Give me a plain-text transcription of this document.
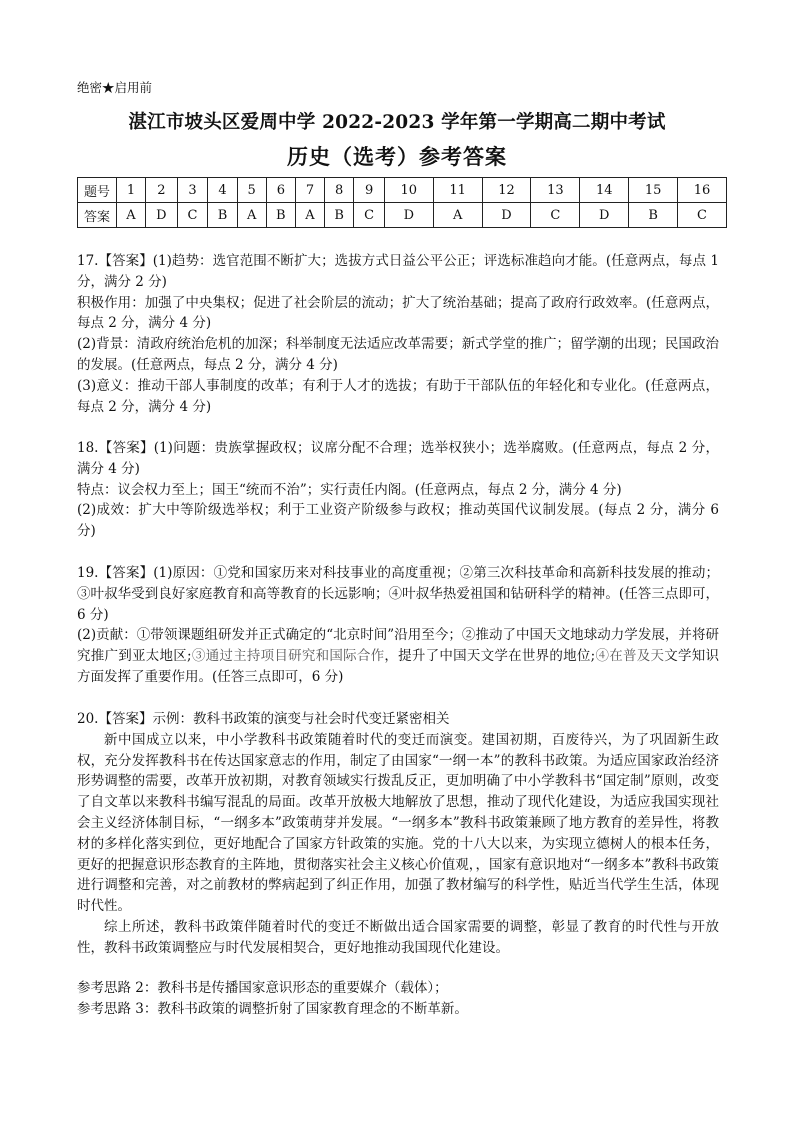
绝密★启用前
湛江市坡头区爱周中学 2022-2023 学年第一学期高二期中考试
历史（选考）参考答案
题号	1	2	3	4	5	6	7	8	9	10	11	12	13	14	15	16
答案	A	D	C	B	A	B	A	B	C	D	A	D	C	D	B	C

17.【答案】(1)趋势：选官范围不断扩大；选拔方式日益公平公正；评选标准趋向才能。(任意两点，每点 1 分，满分 2 分)

积极作用：加强了中央集权；促进了社会阶层的流动；扩大了统治基础；提高了政府行政效率。(任意两点，每点 2 分，满分 4 分)

(2)背景：清政府统治危机的加深；科举制度无法适应改革需要；新式学堂的推广；留学潮的出现；民国政治的发展。(任意两点，每点 2 分，满分 4 分)

(3)意义：推动干部人事制度的改革；有利于人才的选拔；有助于干部队伍的年轻化和专业化。(任意两点，每点 2 分，满分 4 分)

18.【答案】(1)问题：贵族掌握政权；议席分配不合理；选举权狭小；选举腐败。(任意两点，每点 2 分，满分 4 分)

特点：议会权力至上；国王“统而不治”；实行责任内阁。(任意两点，每点 2 分，满分 4 分)

(2)成效：扩大中等阶级选举权；利于工业资产阶级参与政权；推动英国代议制发展。(每点 2 分，满分 6 分)

19.【答案】(1)原因：①党和国家历来对科技事业的高度重视；②第三次科技革命和高新科技发展的推动；③叶叔华受到良好家庭教育和高等教育的长远影响；④叶叔华热爱祖国和钻研科学的精神。(任答三点即可，6 分)

(2)贡献：①带领课题组研发并正式确定的“北京时间”沿用至今；②推动了中国天文地球动力学发展，并将研究推广到亚太地区;③通过主持项目研究和国际合作，提升了中国天文学在世界的地位;④在普及天文学知识方面发挥了重要作用。(任答三点即可，6 分)

20.【答案】示例：教科书政策的演变与社会时代变迁紧密相关

新中国成立以来，中小学教科书政策随着时代的变迁而演变。建国初期，百废待兴，为了巩固新生政权，充分发挥教科书在传达国家意志的作用，制定了由国家“一纲一本”的教科书政策。为适应国家政治经济形势调整的需要，改革开放初期，对教育领域实行拨乱反正，更加明确了中小学教科书“国定制”原则，改变了自文革以来教科书编写混乱的局面。改革开放极大地解放了思想，推动了现代化建设，为适应我国实现社会主义经济体制目标，“一纲多本”政策萌芽并发展。“一纲多本”教科书政策兼顾了地方教育的差异性，将教材的多样化落实到位，更好地配合了国家方针政策的实施。党的十八大以来，为实现立德树人的根本任务，更好的把握意识形态教育的主阵地，贯彻落实社会主义核心价值观，，国家有意识地对“一纲多本”教科书政策进行调整和完善，对之前教材的弊病起到了纠正作用，加强了教材编写的科学性，贴近当代学生生活，体现时代性。

综上所述，教科书政策伴随着时代的变迁不断做出适合国家需要的调整，彰显了教育的时代性与开放性，教科书政策调整应与时代发展相契合，更好地推动我国现代化建设。

参考思路 2：教科书是传播国家意识形态的重要媒介（载体）；

参考思路 3：教科书政策的调整折射了国家教育理念的不断革新。
